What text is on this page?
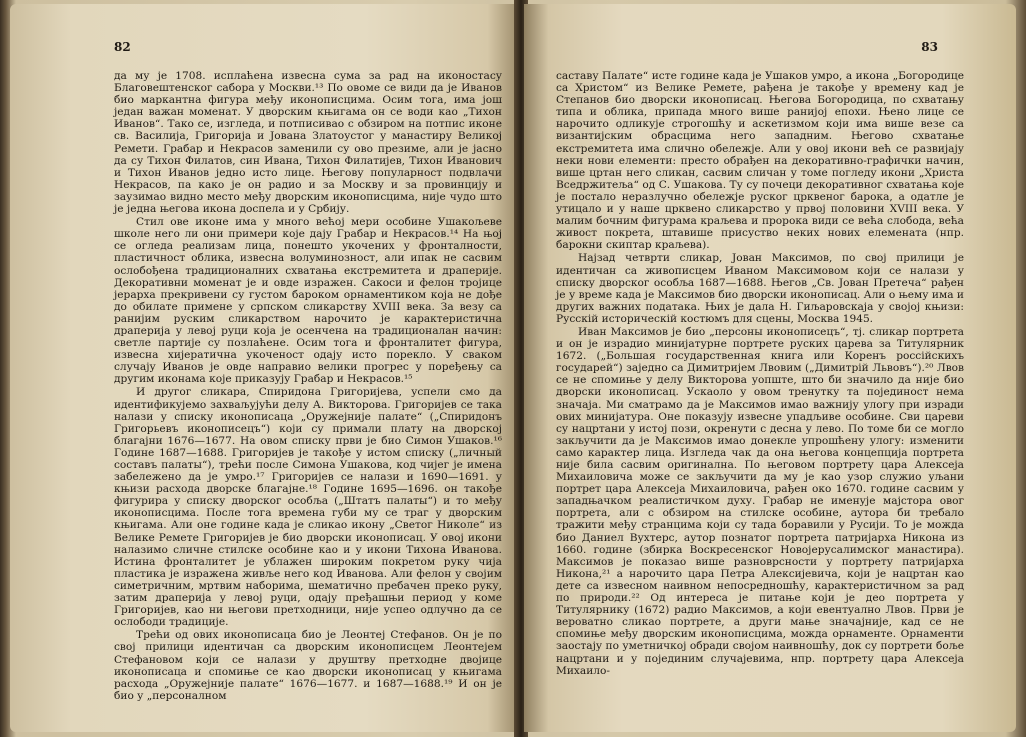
82

да му је 1708. исплаћена извесна сума за рад на иконостасу Благовештенског сабора у Москви.¹³ По овоме се види да је Иванов био маркантна фигура међу иконописцима. Осим тога, има још један важан моменат. У дворским књигама он се води као „Тихон Иванов“. Тако се, изгледа, и потписивао с обзиром на потпис иконе св. Василија, Григорија и Јована Златоустог у манастиру Великој Ремети. Грабар и Некрасов заменили су ово презиме, али је јасно да су Тихон Филатов, син Ивана, Тихон Филатијев, Тихон Иванович и Тихон Иванов једно исто лице. Његову популарност подвлачи Некрасов, па како је он радио и за Москву и за провинцију и заузимао видно место међу дворским иконописцима, није чудо што је једна његова икона доспела и у Србију.

Стил ове иконе има у много већој мери особине Ушакољеве школе него ли они примери које дају Грабар и Некрасов.¹⁴ На њој се огледа реализам лица, понешто укочених у фронталности, пластичност облика, извесна волуминозност, али ипак не сасвим ослобођена традиционалних схватања екстремитета и драперије. Декоративни моменат је и овде изражен. Сакоси и фелон тројице јерарха прекривени су густом бароком орнаментиком која не дође до обилате примене у српском сликарству XVIII века. За везу са ранијим руским сликарством нарочито је карактеристична драперија у левој руци која је осенчена на традиционалан начин: светле партије су позлаћене. Осим тога и фронталитет фигура, извесна хијератична укоченост одају исто порекло. У сваком случају Иванов је овде направио велики прогрес у поређењу са другим иконама које приказују Грабар и Некрасов.¹⁵

И другог сликара, Спиридона Григоријева, успели смо да идентификујемо захваљујући делу А. Викторова. Григоријев се така налази у списку иконописаца „Оружејније палате“ („Спиридонъ Григорьевъ иконописецъ“) који су примали плату на дворској благајни 1676—1677. На овом списку први је био Симон Ушаков.¹⁶ Године 1687—1688. Григоријев је такође у истом списку („личный составъ палаты“), трећи после Симона Ушакова, код чијег је имена забележено да је умро.¹⁷ Григоријев се налази и 1690—1691. у књизи расхода дворске благајне.¹⁸ Године 1695—1696. он такође фигурира у списку дворског особља („Штатъ палаты“) и то међу иконописцима. После тога времена губи му се траг у дворским књигама. Али оне године када је сликао икону „Светог Николе“ из Велике Ремете Григоријев је био дворски иконописац. У овој икони налазимо сличне стилске особине као и у икони Тихона Иванова. Истина фронталитет је ублажен широким покретом руку чија пластика је изражена живље него код Иванова. Али фелон у својим симетричним, мртвим наборима, шематично пребачен преко руку, затим драперија у левој руци, одају пређашњи период у коме Григоријев, као ни његови претходници, није успео одлучно да се ослободи традиције.

Трећи од ових иконописаца био је Леонтеј Стефанов. Он је по свој прилици идентичан са дворским иконописцем Леонтејем Стефановом који се налази у друштву претходне двојице иконописаца и спомиње се као дворски иконописац у књигама расхода „Оружејније палате“ 1676—1677. и 1687—1688.¹⁹ И он је био у „персоналном

83

саставу Палате“ исте године када је Ушаков умро, а икона „Богородице са Христом“ из Велике Ремете, рађена је такође у времену кад је Степанов био дворски иконописац. Његова Богородица, по схватању типа и облика, припада много више ранијој епохи. Њено лице се нарочито одликује строгошћу и аскетизмом који има више везе са византијским обрасцима него западним. Његово схватање екстремитета има слично обележје. Али у овој икони већ се развијају неки нови елементи: престо обрађен на декоративно-графички начин, више цртан него сликан, сасвим сличан у томе погледу икони „Христа Вседржитеља“ од С. Ушакова. Ту су почеци декоративног схватања које је постало неразлучно обележје руског црквеног барока, а одатле је утицало и у наше црквено сликарство у првој половини XVIII века. У малим бочним фигурама краљева и пророка види се већа слобода, већа живост покрета, штавише присуство неких нових елемената (нпр. барокни скиптар краљева).

Најзад четврти сликар, Јован Максимов, по свој прилици је идентичан са живописцем Иваном Максимовом који се налази у списку дворског особља 1687—1688. Његов „Св. Јован Претеча“ рађен је у време када је Максимов био дворски иконописац. Али о њему има и других важних података. Њих је дала Н. Гиљаровскаја у својој књизи: Русскій историческій костюмъ для сцены, Москва 1945.

Иван Максимов је био „персоны иконописецъ“, тј. сликар портрета и он је израдио минијатурне портрете руских царева за Титулярник 1672. („Большая государственная книга или Коренъ россійскихъ государей“) заједно са Димитријем Лвовим („Димитрій Львовъ“).²⁰ Лвов се не спомиње у делу Викторова уопште, што би значило да није био дворски иконописац. Ускаоло у овом тренутку та појединост нема значаја. Ми сматрамо да је Максимов имао важнију улогу при изради ових минијатура. Оне показују извесне упадљиве особине. Сви цареви су нацртани у истој пози, окренути с десна у лево. По томе би се могло закључити да је Максимов имао донекле упрошћену улогу: изменити само карактер лица. Изгледа чак да она његова концепција портрета није била сасвим оригинална. По његовом портрету цара Алексеја Михаиловича може се закључити да му је као узор служио уљани портрет цара Алексеја Михаиловича, рађен око 1670. године сасвим у западњачком реалистичком духу. Грабар не именује мајстора овог портрета, али с обзиром на стилске особине, аутора би требало тражити међу странцима који су тада боравили у Русији. То је можда био Даниел Вухтерс, аутор познатог портрета патријарха Никона из 1660. године (збирка Воскресенског Новојерусалимског манастира). Максимов је показао више разноврсности у портрету патријарха Никона,²¹ а нарочито цара Петра Алексијевича, који је нацртан као дете са извесном наивном непосредношћу, карактеристичном за рад по природи.²² Од интереса је питање који је део портрета у Титулярнику (1672) радио Максимов, а који евентуално Лвов. Први је вероватно сликао портрете, а други мање значајније, кад се не спомиње међу дворским иконописцима, можда орнаменте. Орнаменти заостају по уметничкој обради својом наивношћу, док су портрети боље нацртани и у појединим случајевима, нпр. портрету цара Алексеја Михаило-
